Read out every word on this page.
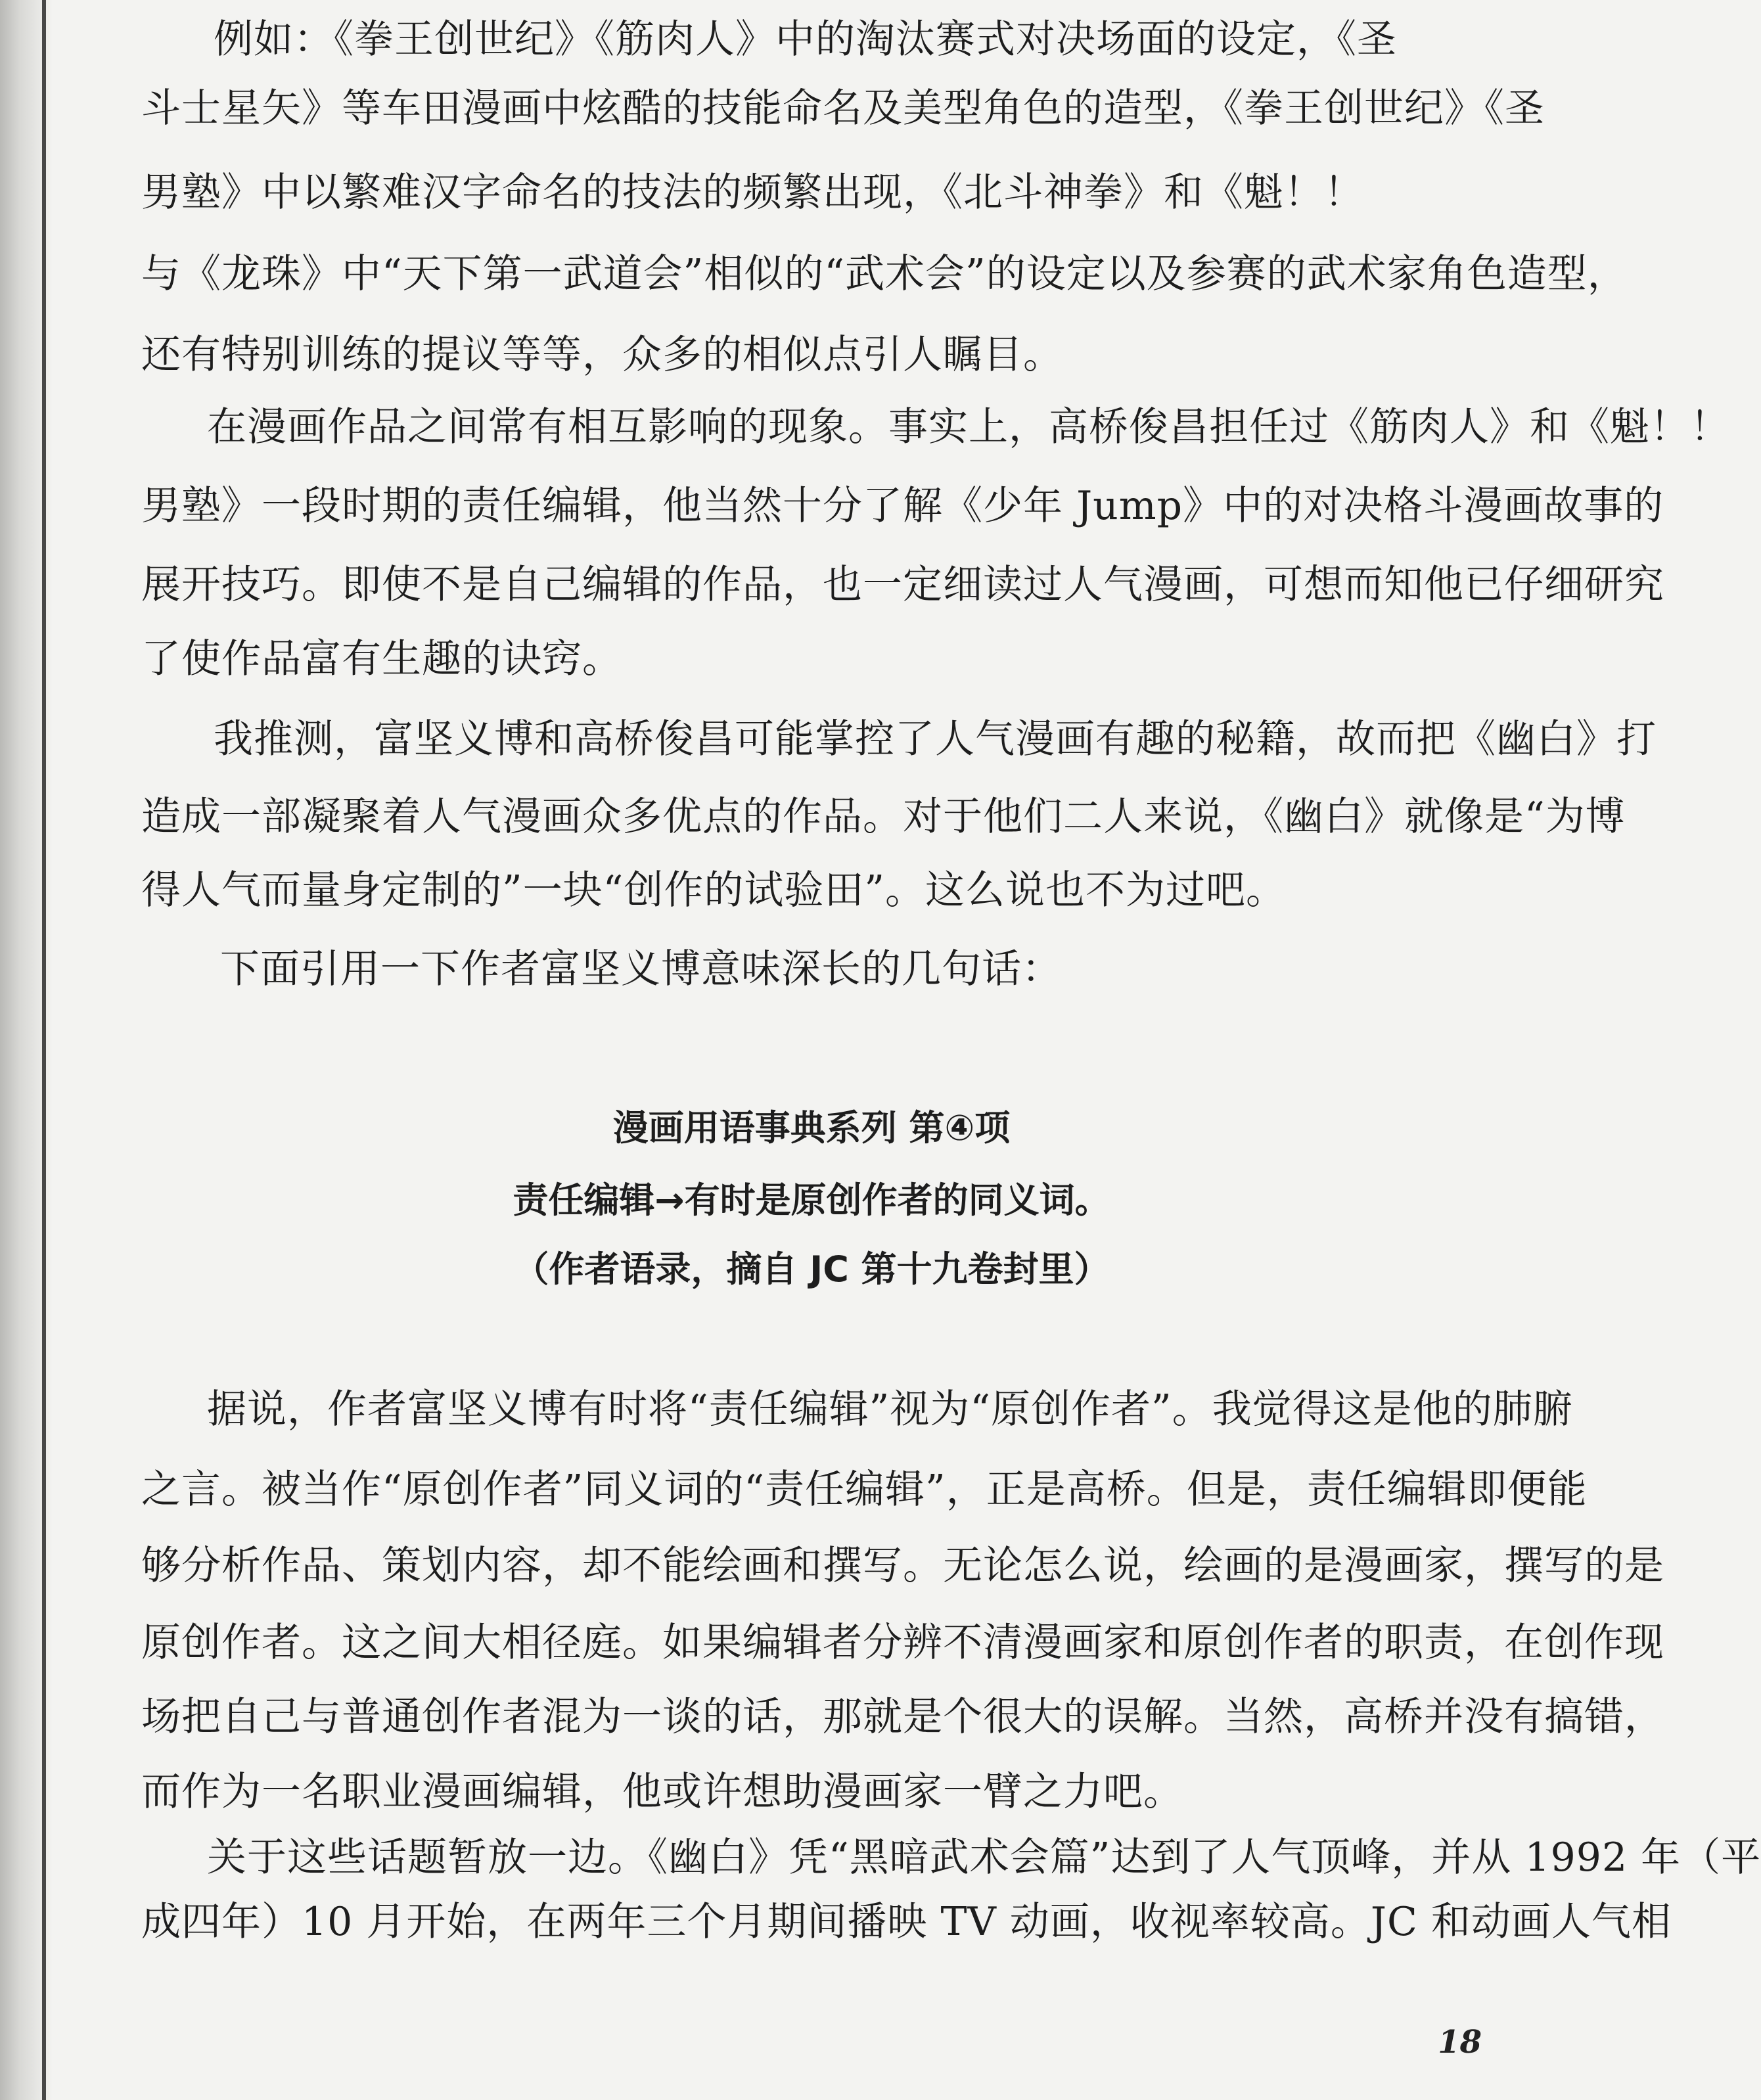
例如：《拳王创世纪》《筋肉人》中的淘汰赛式对决场面的设定，《圣
斗士星矢》等车田漫画中炫酷的技能命名及美型角色的造型，《拳王创世纪》《圣
男塾》中以繁难汉字命名的技法的频繁出现，《北斗神拳》和《魁！！
与《龙珠》中“天下第一武道会”相似的“武术会”的设定以及参赛的武术家角色造型，
还有特别训练的提议等等，众多的相似点引人瞩目。
在漫画作品之间常有相互影响的现象。事实上，高桥俊昌担任过《筋肉人》和《魁！！
男塾》一段时期的责任编辑，他当然十分了解《少年 Jump》中的对决格斗漫画故事的
展开技巧。即使不是自己编辑的作品，也一定细读过人气漫画，可想而知他已仔细研究
了使作品富有生趣的诀窍。
我推测，富坚义博和高桥俊昌可能掌控了人气漫画有趣的秘籍，故而把《幽白》打
造成一部凝聚着人气漫画众多优点的作品。对于他们二人来说，《幽白》就像是“为博
得人气而量身定制的”一块“创作的试验田”。这么说也不为过吧。
下面引用一下作者富坚义博意味深长的几句话：
漫画用语事典系列 第④项
责任编辑→有时是原创作者的同义词。
（作者语录，摘自 JC 第十九卷封里）
据说，作者富坚义博有时将“责任编辑”视为“原创作者”。我觉得这是他的肺腑
之言。被当作“原创作者”同义词的“责任编辑”，正是高桥。但是，责任编辑即便能
够分析作品、策划内容，却不能绘画和撰写。无论怎么说，绘画的是漫画家，撰写的是
原创作者。这之间大相径庭。如果编辑者分辨不清漫画家和原创作者的职责，在创作现
场把自己与普通创作者混为一谈的话，那就是个很大的误解。当然，高桥并没有搞错，
而作为一名职业漫画编辑，他或许想助漫画家一臂之力吧。
关于这些话题暂放一边。《幽白》凭“黑暗武术会篇”达到了人气顶峰，并从 1992 年（平
成四年）10 月开始，在两年三个月期间播映 TV 动画，收视率较高。JC 和动画人气相
18
